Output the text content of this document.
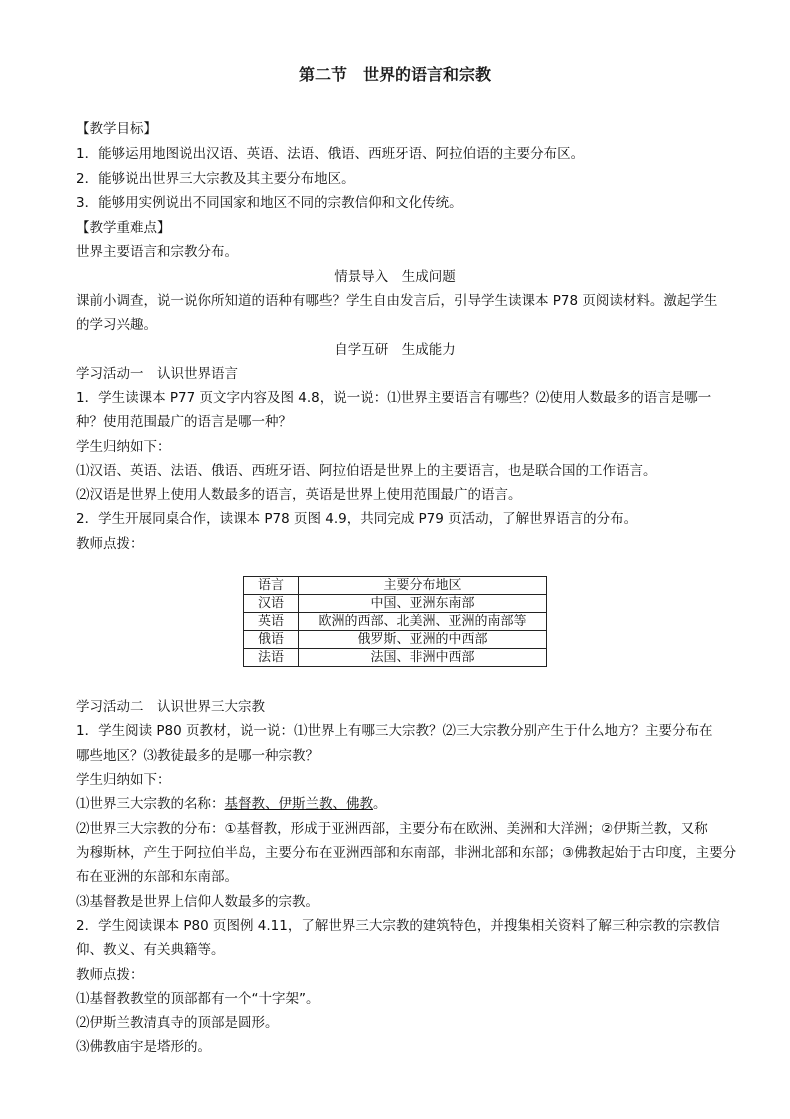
第二节　世界的语言和宗教
【教学目标】
1．能够运用地图说出汉语、英语、法语、俄语、西班牙语、阿拉伯语的主要分布区。
2．能够说出世界三大宗教及其主要分布地区。
3．能够用实例说出不同国家和地区不同的宗教信仰和文化传统。
【教学重难点】
世界主要语言和宗教分布。
情景导入　生成问题
课前小调查，说一说你所知道的语种有哪些？学生自由发言后，引导学生读课本 P78 页阅读材料。激起学生
的学习兴趣。
自学互研　生成能力
学习活动一　认识世界语言
1．学生读课本 P77 页文字内容及图 4.8，说一说：⑴世界主要语言有哪些？⑵使用人数最多的语言是哪一
种？使用范围最广的语言是哪一种？
学生归纳如下：
⑴汉语、英语、法语、俄语、西班牙语、阿拉伯语是世界上的主要语言，也是联合国的工作语言。
⑵汉语是世界上使用人数最多的语言，英语是世界上使用范围最广的语言。
2．学生开展同桌合作，读课本 P78 页图 4.9，共同完成 P79 页活动，了解世界语言的分布。
教师点拨：
语言	主要分布地区
汉语	中国、亚洲东南部
英语	欧洲的西部、北美洲、亚洲的南部等
俄语	俄罗斯、亚洲的中西部
法语	法国、非洲中西部
学习活动二　认识世界三大宗教
1．学生阅读 P80 页教材，说一说：⑴世界上有哪三大宗教？⑵三大宗教分别产生于什么地方？主要分布在
哪些地区？⑶教徒最多的是哪一种宗教？
学生归纳如下：
⑴世界三大宗教的名称：基督教、伊斯兰教、佛教。
⑵世界三大宗教的分布：①基督教，形成于亚洲西部，主要分布在欧洲、美洲和大洋洲；②伊斯兰教，又称
为穆斯林，产生于阿拉伯半岛，主要分布在亚洲西部和东南部，非洲北部和东部；③佛教起始于古印度，主要分
布在亚洲的东部和东南部。
⑶基督教是世界上信仰人数最多的宗教。
2．学生阅读课本 P80 页图例 4.11，了解世界三大宗教的建筑特色，并搜集相关资料了解三种宗教的宗教信
仰、教义、有关典籍等。
教师点拨：
⑴基督教教堂的顶部都有一个“十字架”。
⑵伊斯兰教清真寺的顶部是圆形。
⑶佛教庙宇是塔形的。
